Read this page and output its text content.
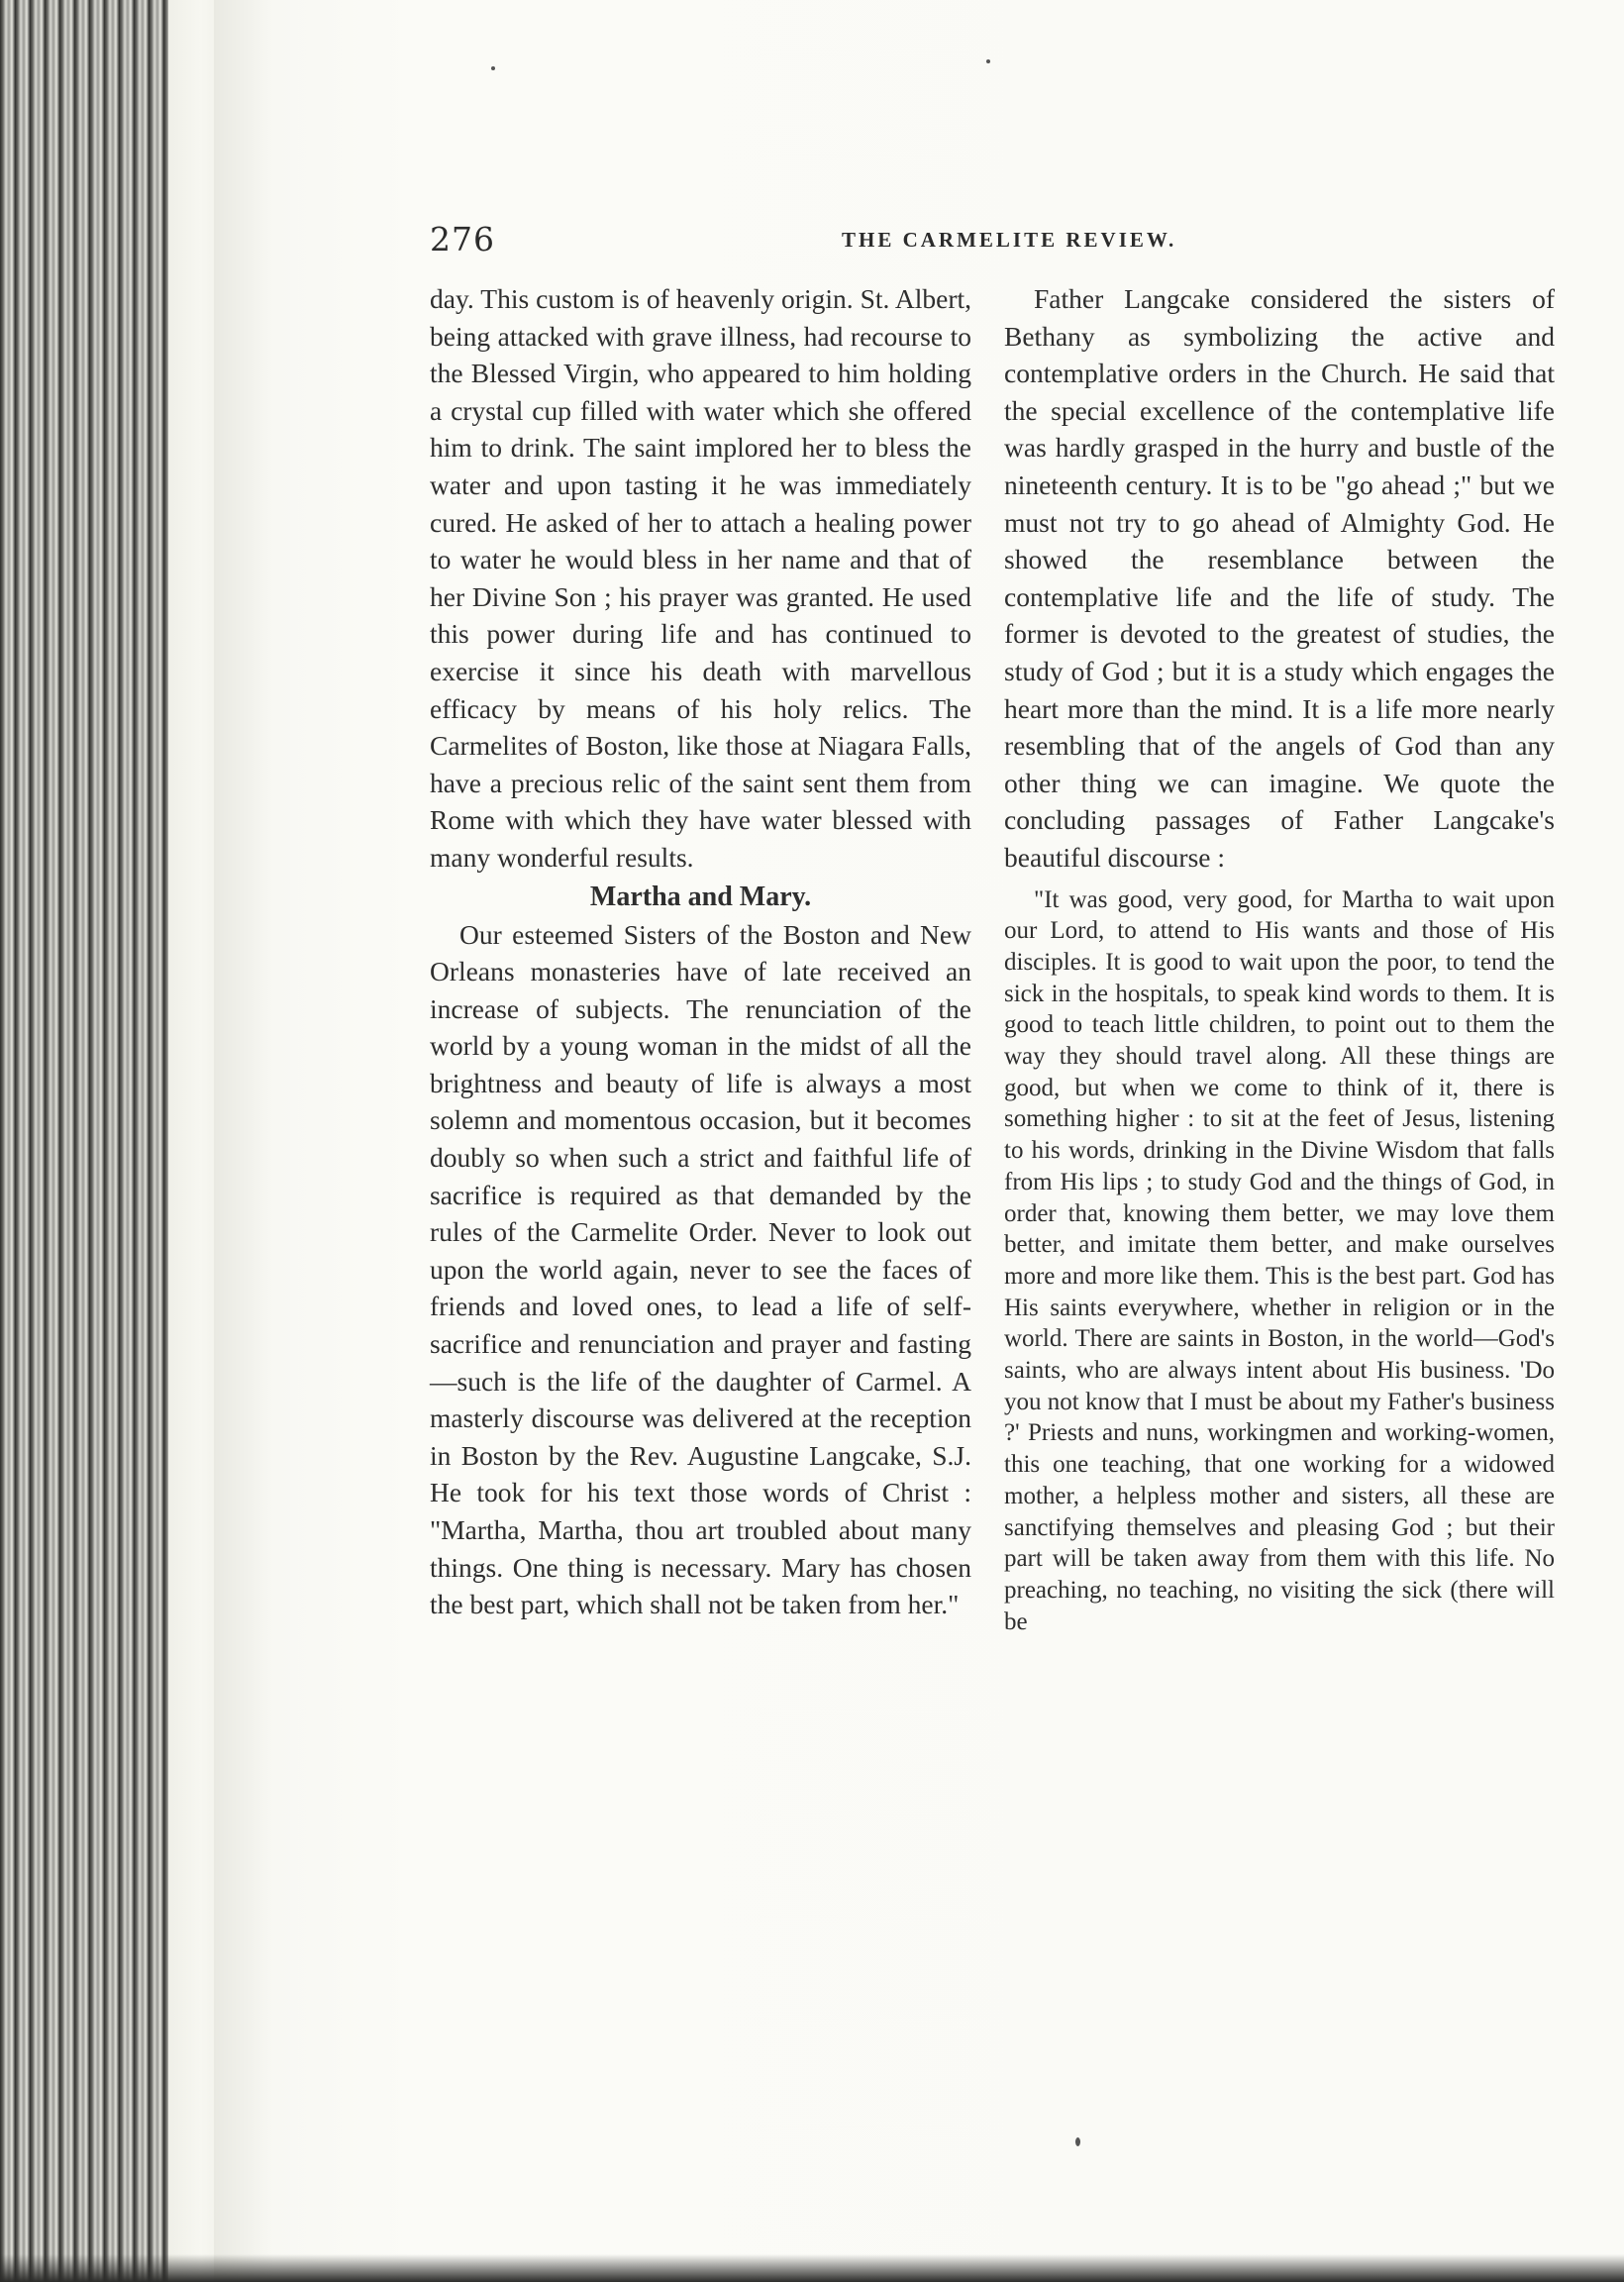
276	THE CARMELITE REVIEW.

day. This custom is of heavenly origin. St. Albert, being attacked with grave illness, had recourse to the Blessed Virgin, who appeared to him holding a crystal cup filled with water which she offered him to drink. The saint implored her to bless the water and upon tasting it he was immediately cured. He asked of her to attach a healing power to water he would bless in her name and that of her Divine Son ; his prayer was granted. He used this power during life and has continued to exercise it since his death with marvellous efficacy by means of his holy relics. The Carmelites of Boston, like those at Niagara Falls, have a precious relic of the saint sent them from Rome with which they have water blessed with many wonderful results.

Martha and Mary.

Our esteemed Sisters of the Boston and New Orleans monasteries have of late received an increase of subjects. The renunciation of the world by a young woman in the midst of all the brightness and beauty of life is always a most solemn and momentous occasion, but it becomes doubly so when such a strict and faithful life of sacrifice is required as that demanded by the rules of the Carmelite Order. Never to look out upon the world again, never to see the faces of friends and loved ones, to lead a life of self-sacrifice and renunciation and prayer and fasting—such is the life of the daughter of Carmel. A masterly discourse was delivered at the reception in Boston by the Rev. Augustine Langcake, S.J. He took for his text those words of Christ : "Martha, Martha, thou art troubled about many things. One thing is necessary. Mary has chosen the best part, which shall not be taken from her."

Father Langcake considered the sisters of Bethany as symbolizing the active and contemplative orders in the Church. He said that the special excellence of the contemplative life was hardly grasped in the hurry and bustle of the nineteenth century. It is to be "go ahead ;" but we must not try to go ahead of Almighty God. He showed the resemblance between the contemplative life and the life of study. The former is devoted to the greatest of studies, the study of God ; but it is a study which engages the heart more than the mind. It is a life more nearly resembling that of the angels of God than any other thing we can imagine. We quote the concluding passages of Father Langcake's beautiful discourse :

"It was good, very good, for Martha to wait upon our Lord, to attend to His wants and those of His disciples. It is good to wait upon the poor, to tend the sick in the hospitals, to speak kind words to them. It is good to teach little children, to point out to them the way they should travel along. All these things are good, but when we come to think of it, there is something higher : to sit at the feet of Jesus, listening to his words, drinking in the Divine Wisdom that falls from His lips ; to study God and the things of God, in order that, knowing them better, we may love them better, and imitate them better, and make ourselves more and more like them. This is the best part. God has His saints everywhere, whether in religion or in the world. There are saints in Boston, in the world—God's saints, who are always intent about His business. 'Do you not know that I must be about my Father's business ?' Priests and nuns, workingmen and working-women, this one teaching, that one working for a widowed mother, a helpless mother and sisters, all these are sanctifying themselves and pleasing God ; but their part will be taken away from them with this life. No preaching, no teaching, no visiting the sick (there will be
